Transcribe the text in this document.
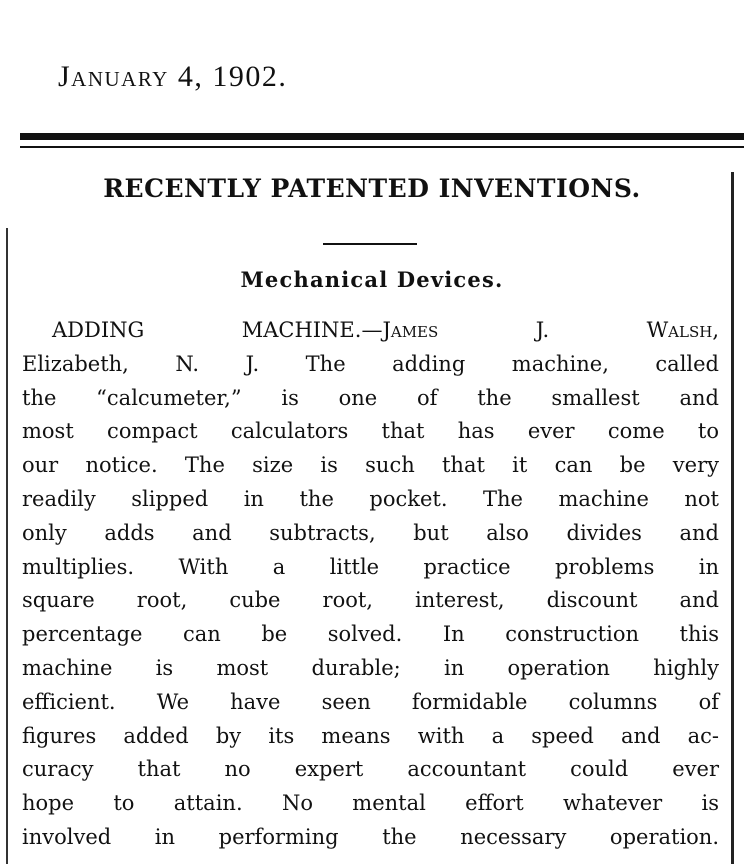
January 4, 1902.
RECENTLY PATENTED INVENTIONS.
Mechanical Devices.
ADDING MACHINE.—James J. Walsh,
Elizabeth, N. J. The adding machine, called
the “calcumeter,” is one of the smallest and
most compact calculators that has ever come to
our notice. The size is such that it can be very
readily slipped in the pocket. The machine not
only adds and subtracts, but also divides and
multiplies. With a little practice problems in
square root, cube root, interest, discount and
percentage can be solved. In construction this
machine is most durable; in operation highly
efficient. We have seen formidable columns of
figures added by its means with a speed and ac-
curacy that no expert accountant could ever
hope to attain. No mental effort whatever is
involved in performing the necessary operation.
